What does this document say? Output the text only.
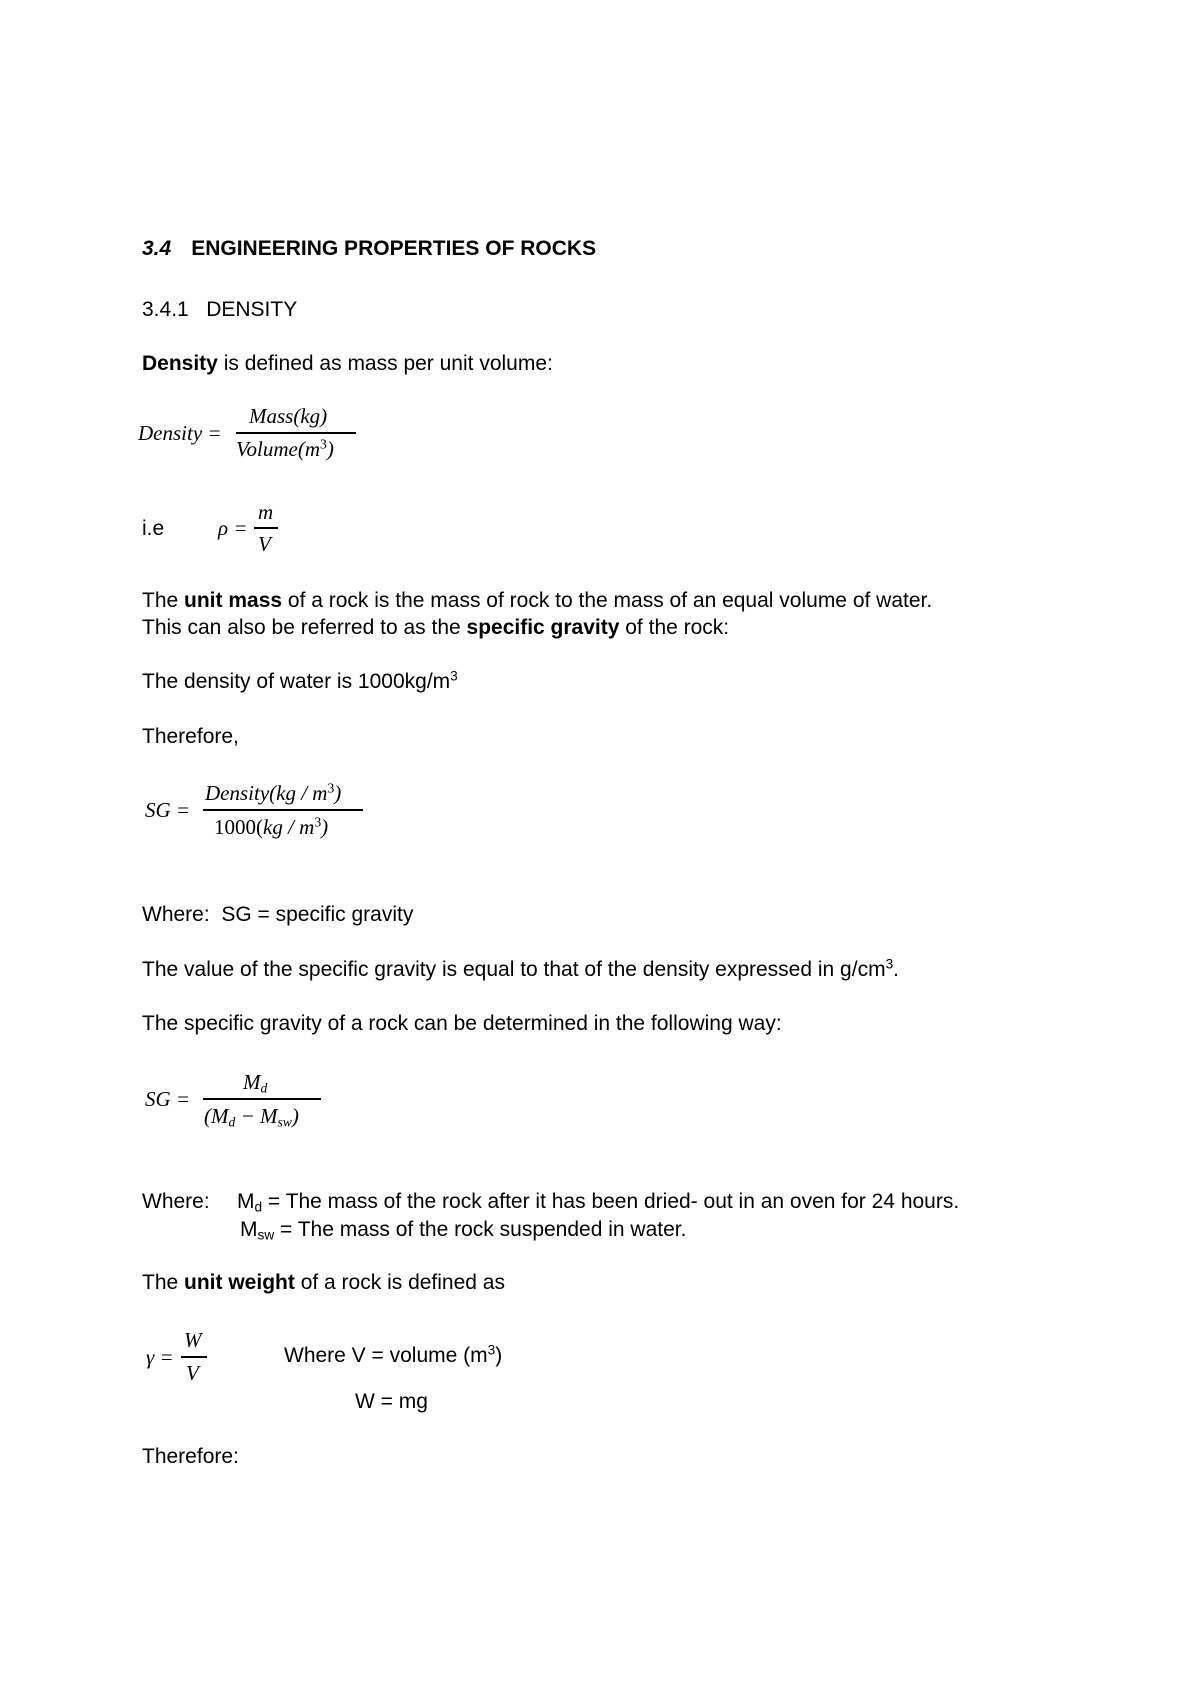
3.4 ENGINEERING PROPERTIES OF ROCKS
3.4.1   DENSITY
Density is defined as mass per unit volume:
Density =
Mass(kg)
$Volume(m^3)$
i.e	ρ =
m
V
The unit mass of a rock is the mass of rock to the mass of an equal volume of water.
This can also be referred to as the specific gravity of the rock:
The density of water is $1000kg/m^3$
Therefore,
SG =
Density(kg / $m^3$)
$1000(kg / m^3)$
Where:  SG = specific gravity
The value of the specific gravity is equal to that of the density expressed in $g/cm^3$.
The specific gravity of a rock can be determined in the following way:
SG =
$M_d$
$(M_d - M_{sw})$
Where: $M_d$ = The mass of the rock after it has been dried- out in an oven for 24 hours.
$M_{sw}$ = The mass of the rock suspended in water.
The unit weight of a rock is defined as
γ =
W
V
Where V = volume $(m^3)$
W = mg
Therefore:
